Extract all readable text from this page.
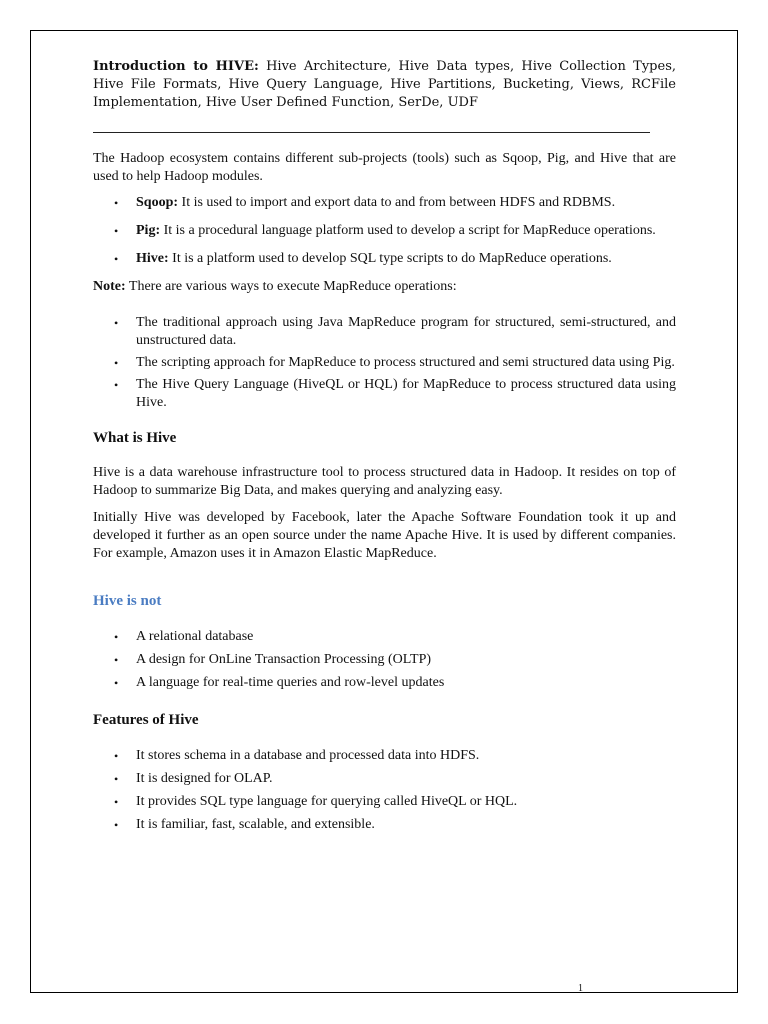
Introduction to HIVE: Hive Architecture, Hive Data types, Hive Collection Types, Hive File Formats, Hive Query Language, Hive Partitions, Bucketing, Views, RCFile Implementation, Hive User Defined Function, SerDe, UDF

The Hadoop ecosystem contains different sub-projects (tools) such as Sqoop, Pig, and Hive that are used to help Hadoop modules.

• Sqoop: It is used to import and export data to and from between HDFS and RDBMS.
• Pig: It is a procedural language platform used to develop a script for MapReduce operations.
• Hive: It is a platform used to develop SQL type scripts to do MapReduce operations.

Note: There are various ways to execute MapReduce operations:

• The traditional approach using Java MapReduce program for structured, semi-structured, and unstructured data.
• The scripting approach for MapReduce to process structured and semi structured data using Pig.
• The Hive Query Language (HiveQL or HQL) for MapReduce to process structured data using Hive.
What is Hive

Hive is a data warehouse infrastructure tool to process structured data in Hadoop. It resides on top of Hadoop to summarize Big Data, and makes querying and analyzing easy.

Initially Hive was developed by Facebook, later the Apache Software Foundation took it up and developed it further as an open source under the name Apache Hive. It is used by different companies. For example, Amazon uses it in Amazon Elastic MapReduce.

Hive is not
• A relational database
• A design for OnLine Transaction Processing (OLTP)
• A language for real-time queries and row-level updates
Features of Hive
• It stores schema in a database and processed data into HDFS.
• It is designed for OLAP.
• It provides SQL type language for querying called HiveQL or HQL.
• It is familiar, fast, scalable, and extensible.
1
